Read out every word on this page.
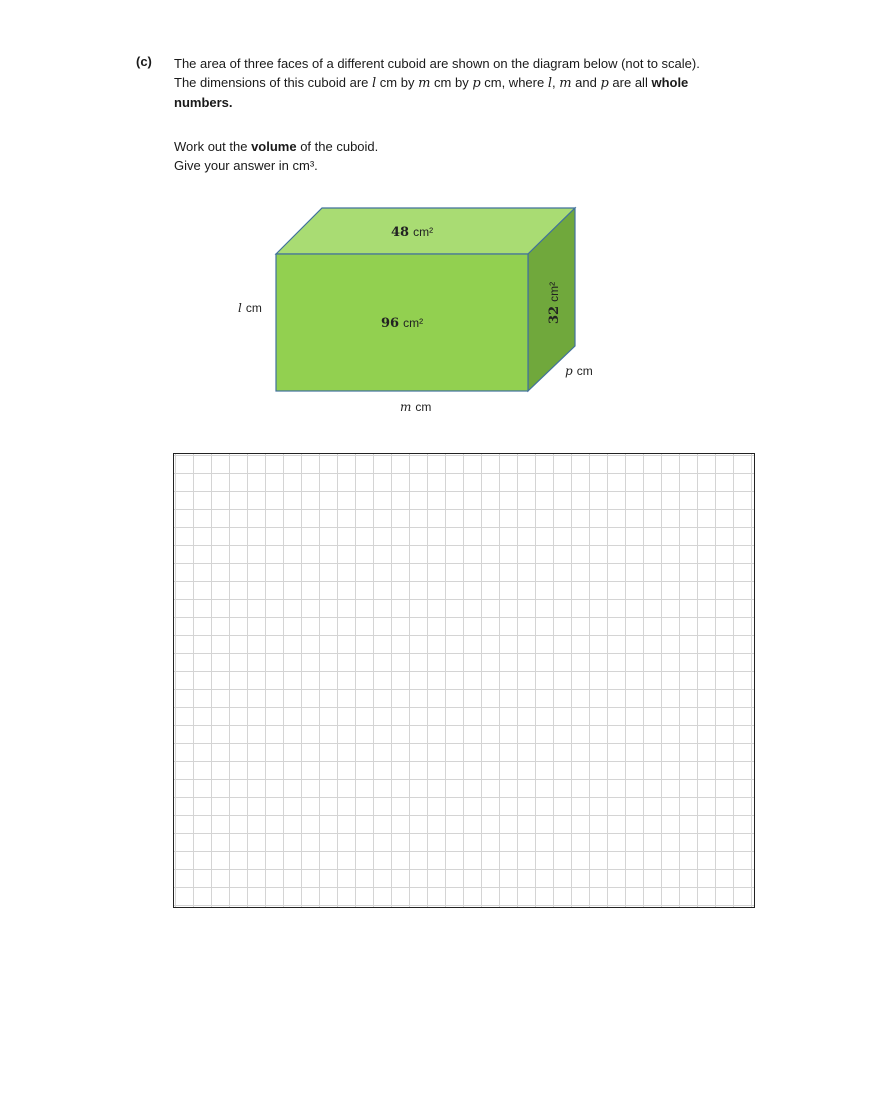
(c) The area of three faces of a different cuboid are shown on the diagram below (not to scale).
The dimensions of this cuboid are l cm by m cm by p cm, where l, m and p are all whole
numbers.
Work out the volume of the cuboid.
Give your answer in cm³.
48 cm²
96 cm²	32cm²
l cm
m cm
p cm
